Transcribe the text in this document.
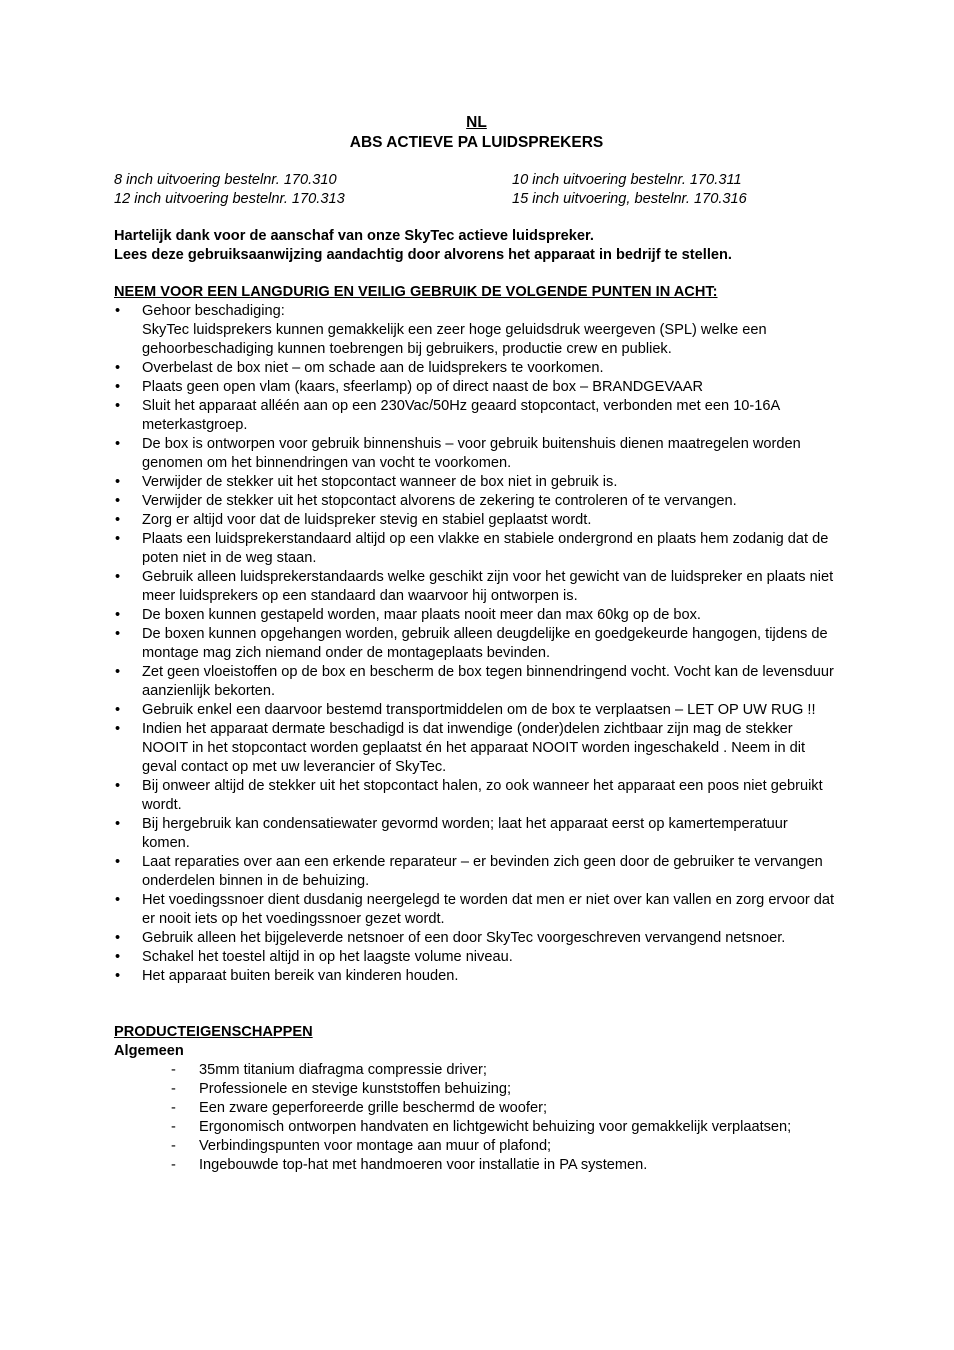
NL
ABS ACTIEVE PA LUIDSPREKERS
8 inch uitvoering bestelnr. 170.310	10 inch uitvoering bestelnr. 170.311
12 inch uitvoering bestelnr. 170.313	15 inch uitvoering, bestelnr. 170.316
Hartelijk dank voor de aanschaf van onze SkyTec actieve luidspreker.
Lees deze gebruiksaanwijzing aandachtig door alvorens het apparaat in bedrijf te stellen.
NEEM VOOR EEN LANGDURIG EN VEILIG GEBRUIK DE VOLGENDE PUNTEN IN ACHT:
• Gehoor beschadiging:
SkyTec luidsprekers kunnen gemakkelijk een zeer hoge geluidsdruk weergeven (SPL) welke een gehoorbeschadiging kunnen toebrengen bij gebruikers, productie crew en publiek.
• Overbelast de box niet – om schade aan de luidsprekers te voorkomen.
• Plaats geen open vlam (kaars, sfeerlamp) op of direct naast de box – BRANDGEVAAR
• Sluit het apparaat alléén aan op een 230Vac/50Hz geaard stopcontact, verbonden met een 10-16A meterkastgroep.
• De box is ontworpen voor gebruik binnenshuis – voor gebruik buitenshuis dienen maatregelen worden genomen om het binnendringen van vocht te voorkomen.
• Verwijder de stekker uit het stopcontact wanneer de box niet in gebruik is.
• Verwijder de stekker uit het stopcontact alvorens de zekering te controleren of te vervangen.
• Zorg er altijd voor dat de luidspreker stevig en stabiel geplaatst wordt.
• Plaats een luidsprekerstandaard altijd op een vlakke en stabiele ondergrond en plaats hem zodanig dat de poten niet in de weg staan.
• Gebruik alleen luidsprekerstandaards welke geschikt zijn voor het gewicht van de luidspreker en plaats niet meer luidsprekers op een standaard dan waarvoor hij ontworpen is.
• De boxen kunnen gestapeld worden, maar plaats nooit meer dan max 60kg op de box.
• De boxen kunnen opgehangen worden, gebruik alleen deugdelijke en goedgekeurde hangogen, tijdens de montage mag zich niemand onder de montageplaats bevinden.
• Zet geen vloeistoffen op de box en bescherm de box tegen binnendringend vocht. Vocht kan de levensduur aanzienlijk bekorten.
• Gebruik enkel een daarvoor bestemd transportmiddelen om de box te verplaatsen – LET OP UW RUG !!
• Indien het apparaat dermate beschadigd is dat inwendige (onder)delen zichtbaar zijn mag de stekker NOOIT in het stopcontact worden geplaatst én het apparaat NOOIT worden ingeschakeld . Neem in dit geval contact op met uw leverancier of SkyTec.
• Bij onweer altijd de stekker uit het stopcontact halen, zo ook wanneer het apparaat een poos niet gebruikt wordt.
• Bij hergebruik kan condensatiewater gevormd worden; laat het apparaat eerst op kamertemperatuur komen.
• Laat reparaties over aan een erkende reparateur – er bevinden zich geen door de gebruiker te vervangen onderdelen binnen in de behuizing.
• Het voedingssnoer dient dusdanig neergelegd te worden dat men er niet over kan vallen en zorg ervoor dat er nooit iets op het voedingssnoer gezet wordt.
• Gebruik alleen het bijgeleverde netsnoer of een door SkyTec voorgeschreven vervangend netsnoer.
• Schakel het toestel altijd in op het laagste volume niveau.
• Het apparaat buiten bereik van kinderen houden.
PRODUCTEIGENSCHAPPEN
Algemeen
- 35mm titanium diafragma compressie driver;
- Professionele en stevige kunststoffen behuizing;
- Een zware geperforeerde grille beschermd de woofer;
- Ergonomisch ontworpen handvaten en lichtgewicht behuizing voor gemakkelijk verplaatsen;
- Verbindingspunten voor montage aan muur of plafond;
- Ingebouwde top-hat met handmoeren voor installatie in PA systemen.
